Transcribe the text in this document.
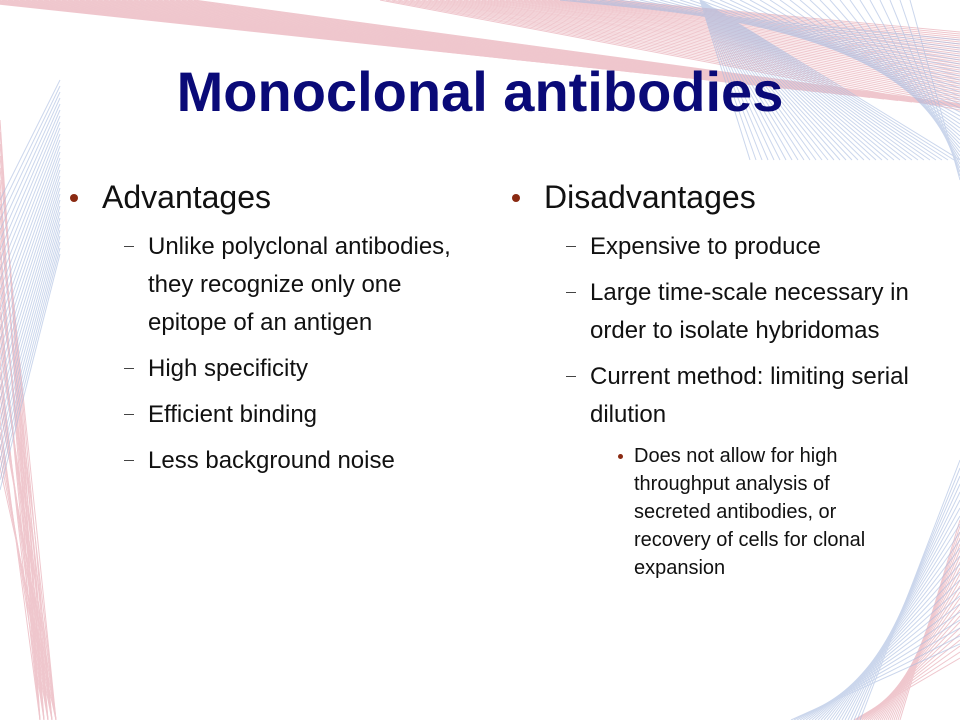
Monoclonal antibodies
Advantages
Unlike polyclonal antibodies, they recognize only one epitope of an antigen
High specificity
Efficient binding
Less background noise
Disadvantages
Expensive to produce
Large time-scale necessary in order to isolate hybridomas
Current method: limiting serial dilution
Does not allow for high throughput analysis of secreted antibodies, or recovery of cells for clonal expansion
